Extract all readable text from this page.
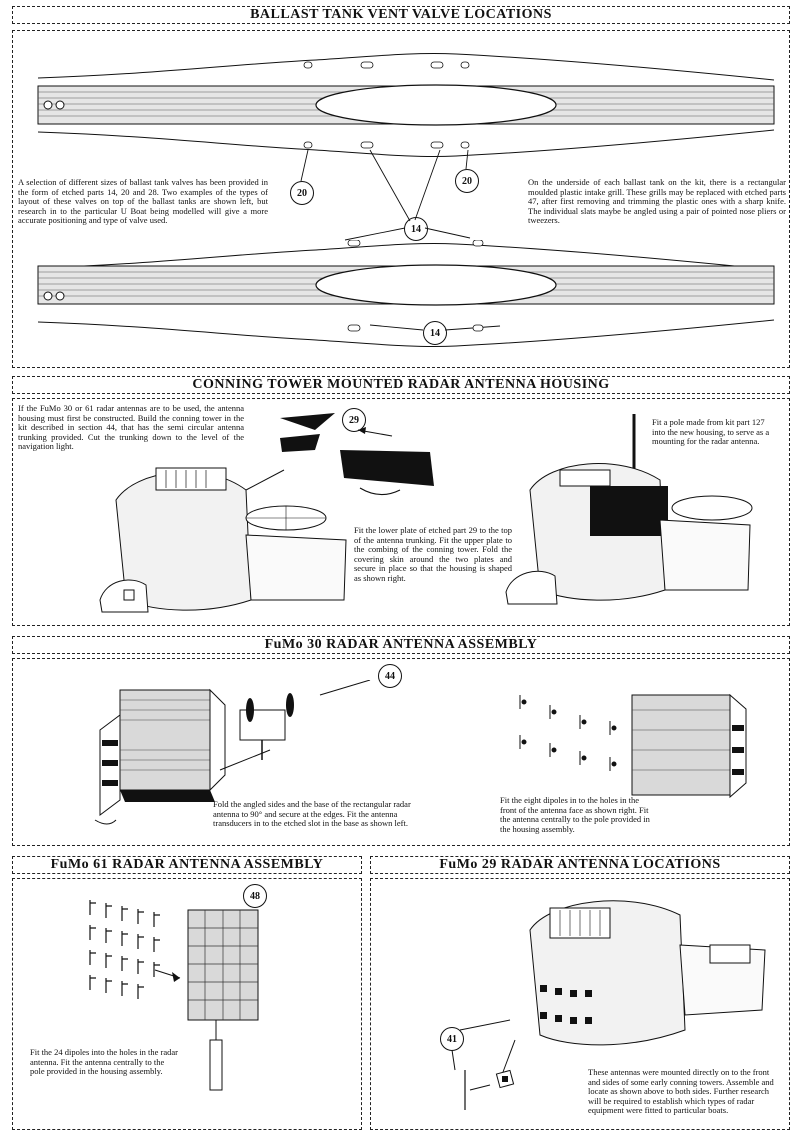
BALLAST TANK VENT VALVE LOCATIONS
A selection of different sizes of ballast tank valves has been provided in the form of etched parts 14, 20 and 28. Two examples of the types of layout of these valves on top of the ballast tanks are shown left, but research in to the particular U Boat being modelled will give a more accurate positioning and type of valve used.
On the underside of each ballast tank on the kit, there is a rectangular moulded plastic intake grill. These grills may be replaced with etched parts 47, after first removing and trimming the plastic ones with a sharp knife. The individual slats maybe be angled using a pair of pointed nose pliers or tweezers.
20
20
14
14
CONNING TOWER MOUNTED RADAR ANTENNA HOUSING
If the FuMo 30 or 61 radar antennas are to be used, the antenna housing must first be constructed. Build the conning tower in the kit described in section 44, that has the semi circular antenna trunking provided. Cut the trunking down to the level of the navigation light.
29
Fit the lower plate of etched part 29 to the top of the antenna trunking. Fit the upper plate to the combing of the conning tower. Fold the covering skin around the two plates and secure in place so that the housing is shaped as shown right.
Fit a pole made from kit part 127 into the new housing, to serve as a mounting for the radar antenna.
FuMo 30 RADAR ANTENNA ASSEMBLY
44
Fold the angled sides and the base of the rectangular radar antenna to 90° and secure at the edges. Fit the antenna transducers in to the etched slot in the base as shown left.
Fit the eight dipoles in to the holes in the front of the antenna face as shown right. Fit the antenna centrally to the pole provided in the housing assembly.
FuMo 61 RADAR ANTENNA ASSEMBLY
48
Fit the 24 dipoles into the holes in the radar antenna. Fit the antenna centrally to the pole provided in the housing assembly.
FuMo 29 RADAR ANTENNA LOCATIONS
41
These antennas were mounted directly on to the front and sides of some early conning towers. Assemble and locate as shown above to both sides. Further research will be required to establish which types of radar equipment were fitted to particular boats.
